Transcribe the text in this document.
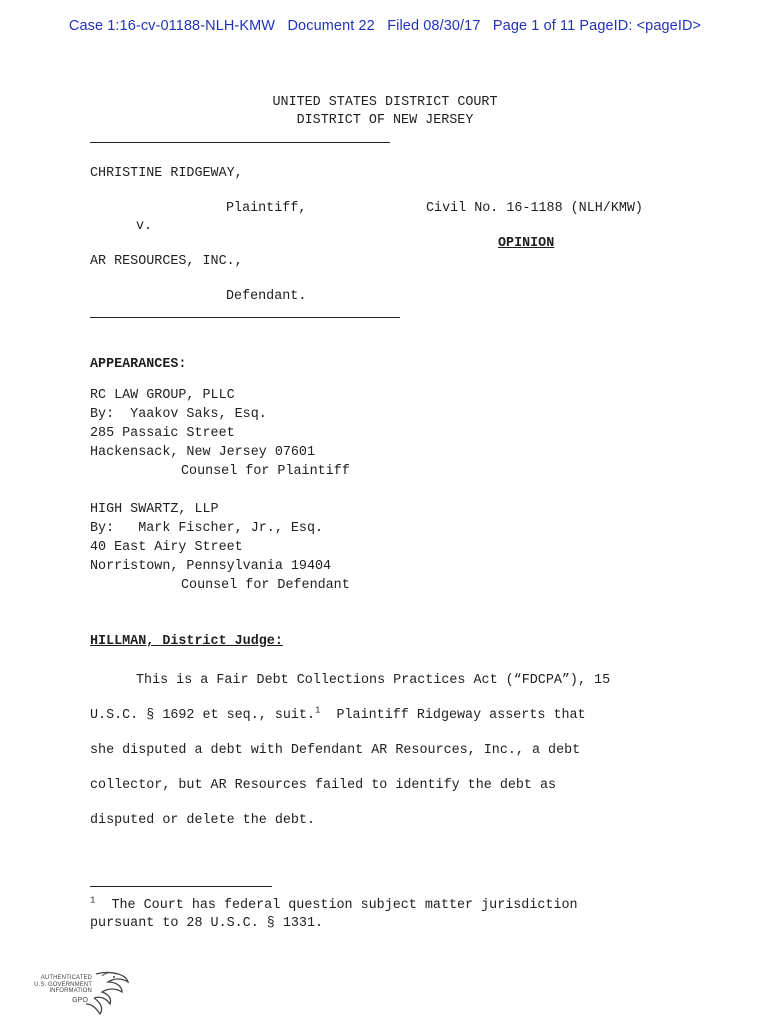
Case 1:16-cv-01188-NLH-KMW   Document 22   Filed 08/30/17   Page 1 of 11 PageID: <pageID>
UNITED STATES DISTRICT COURT
DISTRICT OF NEW JERSEY
CHRISTINE RIDGEWAY,
Plaintiff,	Civil No. 16-1188 (NLH/KMW)
v.
OPINION
AR RESOURCES, INC.,
Defendant.
APPEARANCES:
RC LAW GROUP, PLLC
By:  Yaakov Saks, Esq.
285 Passaic Street
Hackensack, New Jersey 07601
Counsel for Plaintiff
HIGH SWARTZ, LLP
By:   Mark Fischer, Jr., Esq.
40 East Airy Street
Norristown, Pennsylvania 19404
Counsel for Defendant
HILLMAN, District Judge:
This is a Fair Debt Collections Practices Act (“FDCPA”), 15
U.S.C. § 1692 et seq., suit.$^1$ Plaintiff Ridgeway asserts that
she disputed a debt with Defendant AR Resources, Inc., a debt
collector, but AR Resources failed to identify the debt as
disputed or delete the debt.
$^1$ The Court has federal question subject matter jurisdiction
pursuant to 28 U.S.C. § 1331.
AUTHENTICATED
U.S. GOVERNMENT
INFORMATION
GPO
